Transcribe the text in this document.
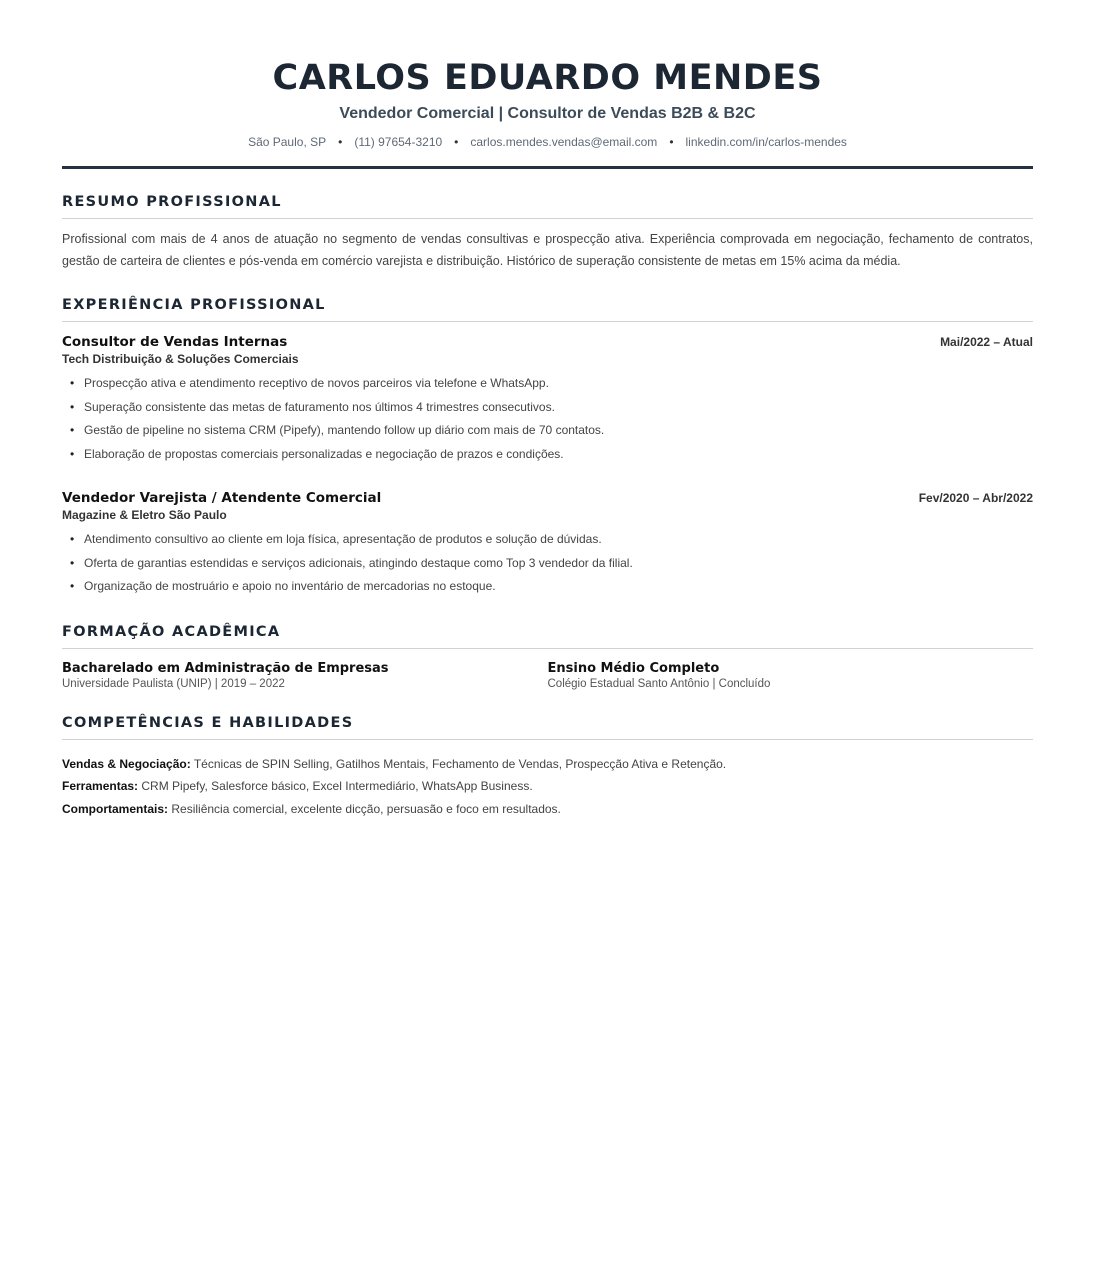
CARLOS EDUARDO MENDES
Vendedor Comercial | Consultor de Vendas B2B & B2C
São Paulo, SP • (11) 97654-3210 • carlos.mendes.vendas@email.com • linkedin.com/in/carlos-mendes
RESUMO PROFISSIONAL
Profissional com mais de 4 anos de atuação no segmento de vendas consultivas e prospecção ativa. Experiência comprovada em negociação, fechamento de contratos, gestão de carteira de clientes e pós-venda em comércio varejista e distribuição. Histórico de superação consistente de metas em 15% acima da média.
EXPERIÊNCIA PROFISSIONAL
Consultor de Vendas Internas	Mai/2022 – Atual
Tech Distribuição & Soluções Comerciais
• Prospecção ativa e atendimento receptivo de novos parceiros via telefone e WhatsApp.
• Superação consistente das metas de faturamento nos últimos 4 trimestres consecutivos.
• Gestão de pipeline no sistema CRM (Pipefy), mantendo follow up diário com mais de 70 contatos.
• Elaboração de propostas comerciais personalizadas e negociação de prazos e condições.
Vendedor Varejista / Atendente Comercial	Fev/2020 – Abr/2022
Magazine & Eletro São Paulo
• Atendimento consultivo ao cliente em loja física, apresentação de produtos e solução de dúvidas.
• Oferta de garantias estendidas e serviços adicionais, atingindo destaque como Top 3 vendedor da filial.
• Organização de mostruário e apoio no inventário de mercadorias no estoque.
FORMAÇÃO ACADÊMICA
Bacharelado em Administração de Empresas
Universidade Paulista (UNIP) | 2019 – 2022
Ensino Médio Completo
Colégio Estadual Santo Antônio | Concluído
COMPETÊNCIAS E HABILIDADES
Vendas & Negociação: Técnicas de SPIN Selling, Gatilhos Mentais, Fechamento de Vendas, Prospecção Ativa e Retenção.
Ferramentas: CRM Pipefy, Salesforce básico, Excel Intermediário, WhatsApp Business.
Comportamentais: Resiliência comercial, excelente dicção, persuasão e foco em resultados.
